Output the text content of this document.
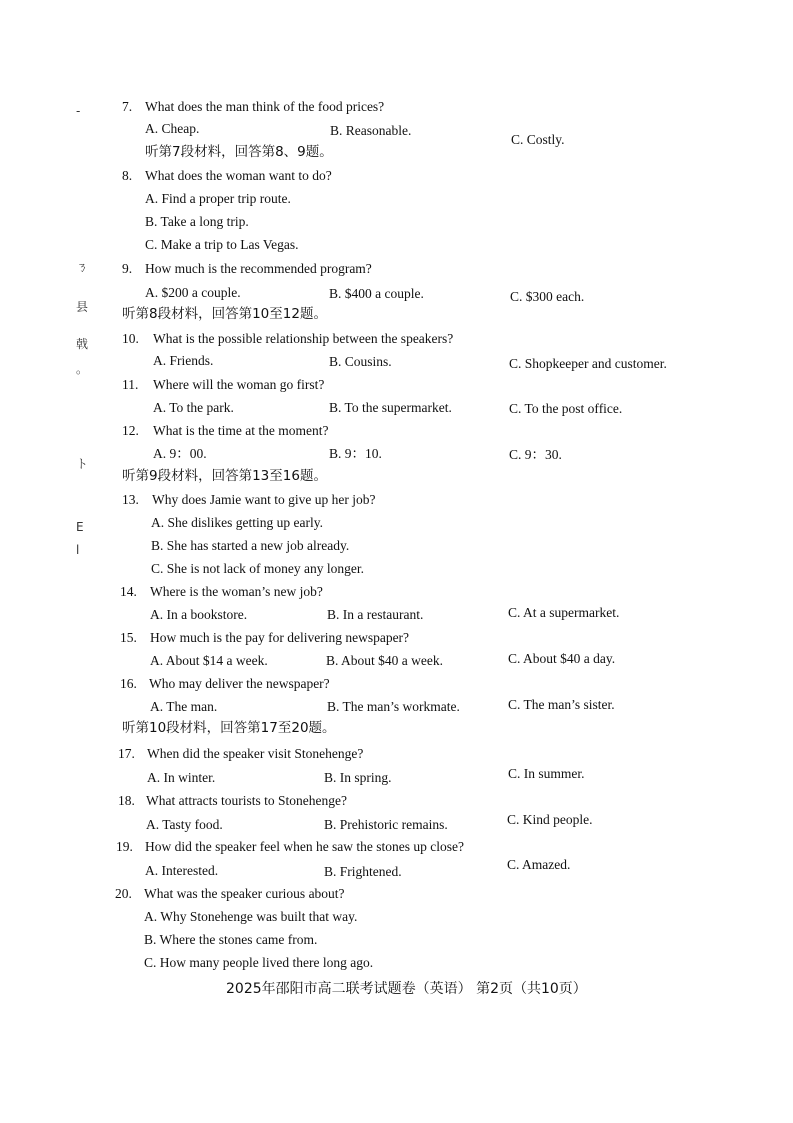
-
ㄋ
县
戟
。
ト
E
l
7. What does the man think of the food prices?
A. Cheap.	B. Reasonable.
C. Costly.
听第7段材料，回答第8、9题。
8. What does the woman want to do?
A. Find a proper trip route.
B. Take a long trip.
C. Make a trip to Las Vegas.
9. How much is the recommended program?
A. $200 a couple.	B. $400 a couple.	C. $300 each.
听第8段材料，回答第10至12题。
10. What is the possible relationship between the speakers?
A. Friends.	B. Cousins.	C. Shopkeeper and customer.
11. Where will the woman go first?
A. To the park.	B. To the supermarket.	C. To the post office.
12. What is the time at the moment?
A. 9：00.	B. 9：10.	C. 9：30.
听第9段材料，回答第13至16题。
13. Why does Jamie want to give up her job?
A. She dislikes getting up early.
B. She has started a new job already.
C. She is not lack of money any longer.
14. Where is the woman’s new job?
A. In a bookstore.	B. In a restaurant.	C. At a supermarket.
15. How much is the pay for delivering newspaper?
A. About $14 a week.	B. About $40 a week.	C. About $40 a day.
16. Who may deliver the newspaper?
A. The man.	B. The man’s workmate.	C. The man’s sister.
听第10段材料，回答第17至20题。
17. When did the speaker visit Stonehenge?
A. In winter.	B. In spring.	C. In summer.
18. What attracts tourists to Stonehenge?
A. Tasty food.	B. Prehistoric remains.	C. Kind people.
19. How did the speaker feel when he saw the stones up close?
A. Interested.	B. Frightened.	C. Amazed.
20. What was the speaker curious about?
A. Why Stonehenge was built that way.
B. Where the stones came from.
C. How many people lived there long ago.
2025年邵阳市高二联考试题卷（英语） 第2页（共10页）
